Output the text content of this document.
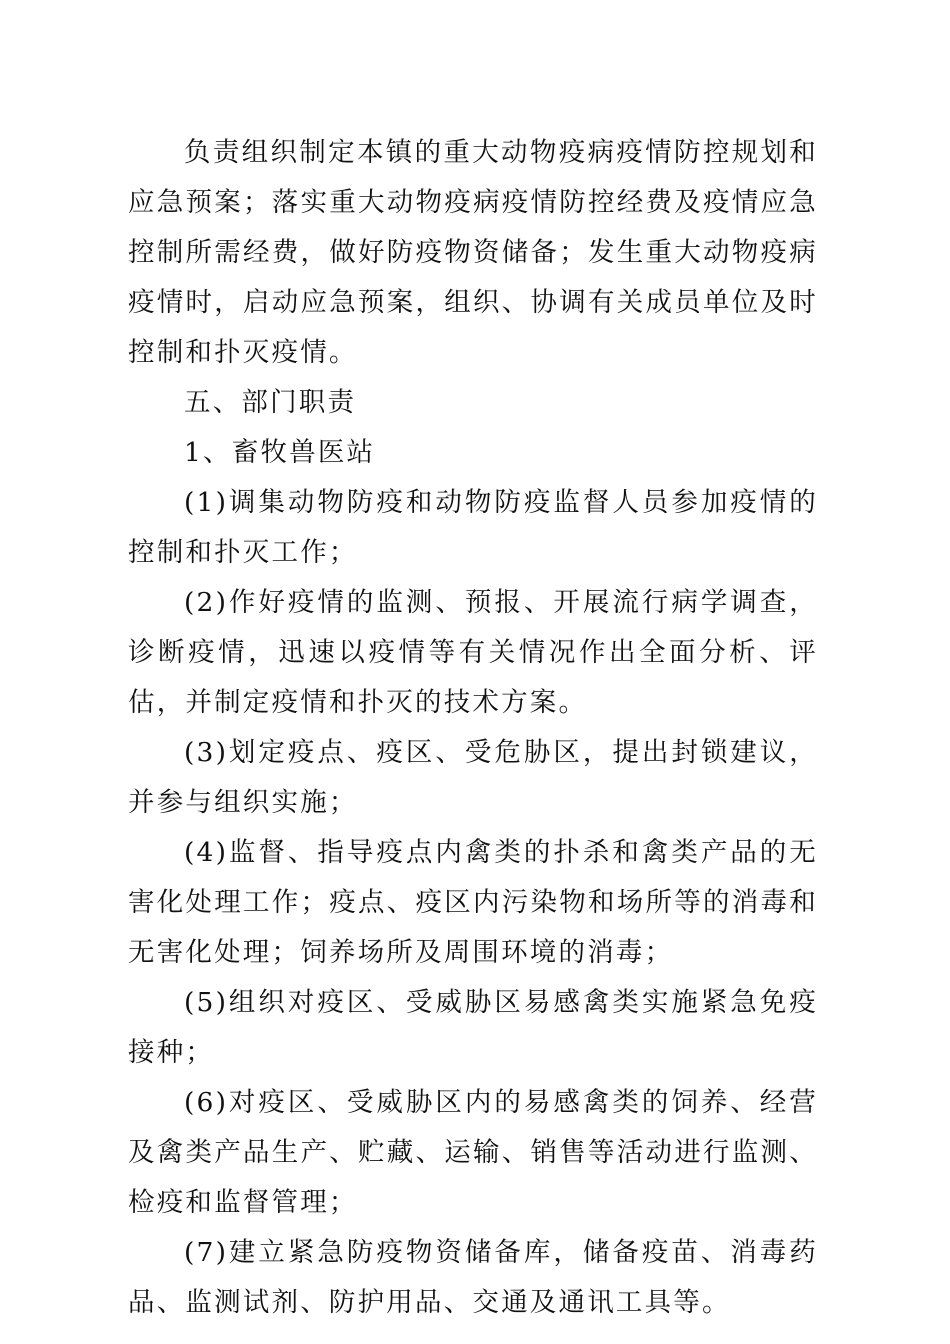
负责组织制定本镇的重大动物疫病疫情防控规划和应急预案；落实重大动物疫病疫情防控经费及疫情应急控制所需经费，做好防疫物资储备；发生重大动物疫病疫情时，启动应急预案，组织、协调有关成员单位及时控制和扑灭疫情。

五、部门职责

1、畜牧兽医站

(1)调集动物防疫和动物防疫监督人员参加疫情的控制和扑灭工作；

(2)作好疫情的监测、预报、开展流行病学调查，诊断疫情，迅速以疫情等有关情况作出全面分析、评估，并制定疫情和扑灭的技术方案。

(3)划定疫点、疫区、受危胁区，提出封锁建议，并参与组织实施；

(4)监督、指导疫点内禽类的扑杀和禽类产品的无害化处理工作；疫点、疫区内污染物和场所等的消毒和无害化处理；饲养场所及周围环境的消毒；

(5)组织对疫区、受威胁区易感禽类实施紧急免疫接种；

(6)对疫区、受威胁区内的易感禽类的饲养、经营及禽类产品生产、贮藏、运输、销售等活动进行监测、检疫和监督管理；

(7)建立紧急防疫物资储备库，储备疫苗、消毒药品、监测试剂、防护用品、交通及通讯工具等。
